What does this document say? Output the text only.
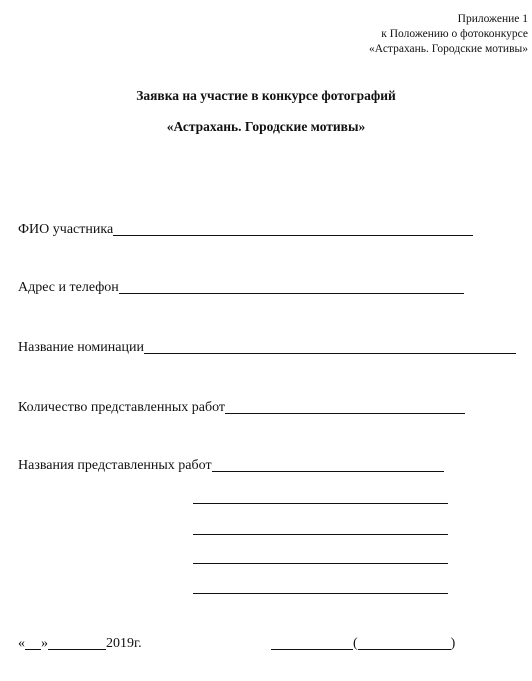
Приложение 1
к Положению о фотоконкурсе
«Астрахань. Городские мотивы»
Заявка на участие в конкурсе фотографий
«Астрахань. Городские мотивы»
ФИО участника
Адрес и телефон
Название номинации
Количество представленных работ
Названия представленных работ
« »	2019г.	(	)
